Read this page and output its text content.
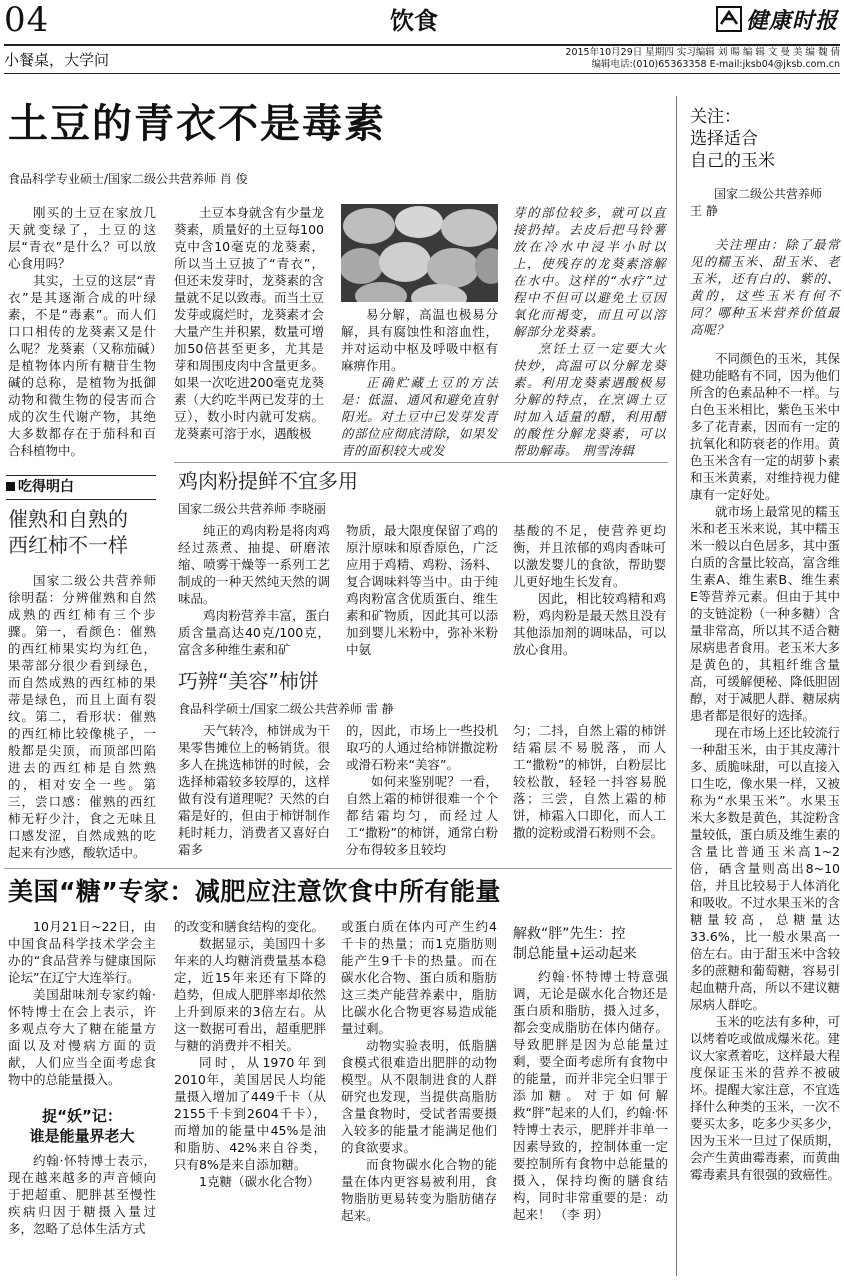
04	饮食	健康时报
小餐桌，大学问	2015年10月29日 星期四 实习编辑 刘 暘 编 辑 文 曼 美 编 魏 倩
编辑电话:(010)65363358 E-mail:jksb04@jksb.com.cn
土豆的青衣不是毒素
食品科学专业硕士/国家二级公共营养师 肖 俊

刚买的土豆在家放几天就变绿了，土豆的这层“青衣”是什么？可以放心食用吗？

其实，土豆的这层“青衣”是其逐渐合成的叶绿素，不是“毒素”。而人们口口相传的龙葵素又是什么呢？龙葵素（又称茄碱）是植物体内所有糖苷生物碱的总称，是植物为抵御动物和微生物的侵害而合成的次生代谢产物，其绝大多数都存在于茄科和百合科植物中。

土豆本身就含有少量龙葵素，质量好的土豆每100克中含10毫克的龙葵素，所以当土豆披了“青衣”，但还未发芽时，龙葵素的含量就不足以致毒。而当土豆发芽或腐烂时，龙葵素才会大量产生并积累，数量可增加50倍甚至更多，尤其是芽和周围皮肉中含量更多。如果一次吃进200毫克龙葵素（大约吃半两已发芽的土豆），数小时内就可发病。龙葵素可溶于水，遇酸极

易分解，高温也极易分解，具有腐蚀性和溶血性，并对运动中枢及呼吸中枢有麻痹作用。

正确贮藏土豆的方法是：低温、通风和避免直射阳光。对土豆中已发芽发青的部位应彻底清除，如果发青的面积较大或发

芽的部位较多，就可以直接扔掉。去皮后把马铃薯放在冷水中浸半小时以上，使残存的龙葵素溶解在水中。这样的“水疗”过程中不但可以避免土豆因氧化而褐变，而且可以溶解部分龙葵素。

烹饪土豆一定要大火快炒，高温可以分解龙葵素。利用龙葵素遇酸极易分解的特点，在烹调土豆时加入适量的醋，利用醋的酸性分解龙葵素，可以帮助解毒。 荆雪涛辑

吃得明白
催熟和自熟的
西红柿不一样

国家二级公共营养师徐明磊：分辨催熟和自然成熟的西红柿有三个步骤。第一，看颜色：催熟的西红柿果实均为红色，果蒂部分很少看到绿色，而自然成熟的西红柿的果蒂是绿色，而且上面有裂纹。第二，看形状：催熟的西红柿比较像桃子，一般都是尖顶，而顶部凹陷进去的西红柿是自然熟的，相对安全一些。第三，尝口感：催熟的西红柿无籽少汁，食之无味且口感发涩，自然成熟的吃起来有沙感，酸软适中。

鸡肉粉提鲜不宜多用
国家二级公共营养师 李晓丽

纯正的鸡肉粉是将肉鸡经过蒸煮、抽提、研磨浓缩、喷雾干燥等一系列工艺制成的一种天然纯天然的调味品。

鸡肉粉营养丰富，蛋白质含量高达40克/100克，富含多种维生素和矿

物质，最大限度保留了鸡的原汁原味和原香原色，广泛应用于鸡精、鸡粉、汤料、复合调味料等当中。由于纯鸡肉粉富含优质蛋白、维生素和矿物质，因此其可以添加到婴儿米粉中，弥补米粉中氨

基酸的不足，使营养更均衡，并且浓郁的鸡肉香味可以激发婴儿的食欲，帮助婴儿更好地生长发育。

因此，相比较鸡精和鸡粉，鸡肉粉是最天然且没有其他添加剂的调味品，可以放心食用。

巧辨“美容”柿饼
食品科学硕士/国家二级公共营养师 雷 静

天气转冷，柿饼成为干果零售摊位上的畅销货。很多人在挑选柿饼的时候，会选择柿霜较多较厚的，这样做有没有道理呢？天然的白霜是好的，但由于柿饼制作耗时耗力，消费者又喜好白霜多

的，因此，市场上一些投机取巧的人通过给柿饼撒淀粉或滑石粉来“美容”。

如何来鉴别呢？一看，自然上霜的柿饼很难一个个都结霜均匀，而经过人工“撒粉”的柿饼，通常白粉分布得较多且较均

匀；二抖，自然上霜的柿饼结霜层不易脱落，而人工“撒粉”的柿饼，白粉层比较松散，轻轻一抖容易脱落；三尝，自然上霜的柿饼，柿霜入口即化，而人工撒的淀粉或滑石粉则不会。

关注：
选择适合
自己的玉米
国家二级公共营养师
王 静

关注理由：除了最常见的糯玉米、甜玉米、老玉米，还有白的、紫的、黄的，这些玉米有何不同？哪种玉米营养价值最高呢？

不同颜色的玉米，其保健功能略有不同，因为他们所含的色素品种不一样。与白色玉米相比，紫色玉米中多了花青素，因而有一定的抗氧化和防衰老的作用。黄色玉米含有一定的胡萝卜素和玉米黄素，对维持视力健康有一定好处。

就市场上最常见的糯玉米和老玉米来说，其中糯玉米一般以白色居多，其中蛋白质的含量比较高，富含维生素A、维生素B、维生素E等营养元素。但由于其中的支链淀粉（一种多糖）含量非常高，所以其不适合糖尿病患者食用。老玉米大多是黄色的，其粗纤维含量高，可缓解便秘、降低胆固醇，对于减肥人群、糖尿病患者都是很好的选择。

现在市场上还比较流行一种甜玉米，由于其皮薄汁多、质脆味甜，可以直接入口生吃，像水果一样，又被称为“水果玉米”。水果玉米大多数是黄色，其淀粉含量较低，蛋白质及维生素的含量比普通玉米高1~2倍，硒含量则高出8~10倍，并且比较易于人体消化和吸收。不过水果玉米的含糖量较高，总糖量达33.6%，比一般水果高一倍左右。由于甜玉米中含较多的蔗糖和葡萄糖，容易引起血糖升高，所以不建议糖尿病人群吃。

玉米的吃法有多种，可以烤着吃或做成爆米花。建议大家煮着吃，这样最大程度保证玉米的营养不被破坏。提醒大家注意，不宜选择什么种类的玉米，一次不要买太多，吃多少买多少，因为玉米一旦过了保质期，会产生黄曲霉毒素，而黄曲霉毒素具有很强的致癌性。

美国“糖”专家：减肥应注意饮食中所有能量

10月21日~22日，由中国食品科学技术学会主办的“食品营养与健康国际论坛”在辽宁大连举行。

美国甜味剂专家约翰·怀特博士在会上表示，许多观点夸大了糖在能量方面以及对慢病方面的贡献，人们应当全面考虑食物中的总能量摄入。

捉“妖”记：
谁是能量界老大

约翰·怀特博士表示，现在越来越多的声音倾向于把超重、肥胖甚至慢性疾病归因于糖摄入量过多，忽略了总体生活方式

的改变和膳食结构的变化。

数据显示，美国四十多年来的人均糖消费量基本稳定，近15年来还有下降的趋势，但成人肥胖率却依然上升到原来的3倍左右。从这一数据可看出，超重肥胖与糖的消费并不相关。

同时，从1970年到2010年，美国居民人均能量摄入增加了449千卡（从2155千卡到2604千卡），而增加的能量中45%是油和脂肪、42%来自谷类，只有8%是来自添加糖。

1克糖（碳水化合物）

或蛋白质在体内可产生约4千卡的热量；而1克脂肪则能产生9千卡的热量。而在碳水化合物、蛋白质和脂肪这三类产能营养素中，脂肪比碳水化合物更容易造成能量过剩。

动物实验表明，低脂膳食模式很难造出肥胖的动物模型。从不限制进食的人群研究也发现，当提供高脂肪含量食物时，受试者需要摄入较多的能量才能满足他们的食欲要求。

而食物碳水化合物的能量在体内更容易被利用，食物脂肪更易转变为脂肪储存起来。

解救“胖”先生：控
制总能量+运动起来

约翰·怀特博士特意强调，无论是碳水化合物还是蛋白质和脂肪，摄入过多，都会变成脂肪在体内储存。导致肥胖是因为总能量过剩，要全面考虑所有食物中的能量，而并非完全归罪于添加糖。对于如何解救“胖”起来的人们，约翰·怀特博士表示，肥胖并非单一因素导致的，控制体重一定要控制所有食物中总能量的摄入，保持均衡的膳食结构，同时非常重要的是：动起来！ （李 玥）
